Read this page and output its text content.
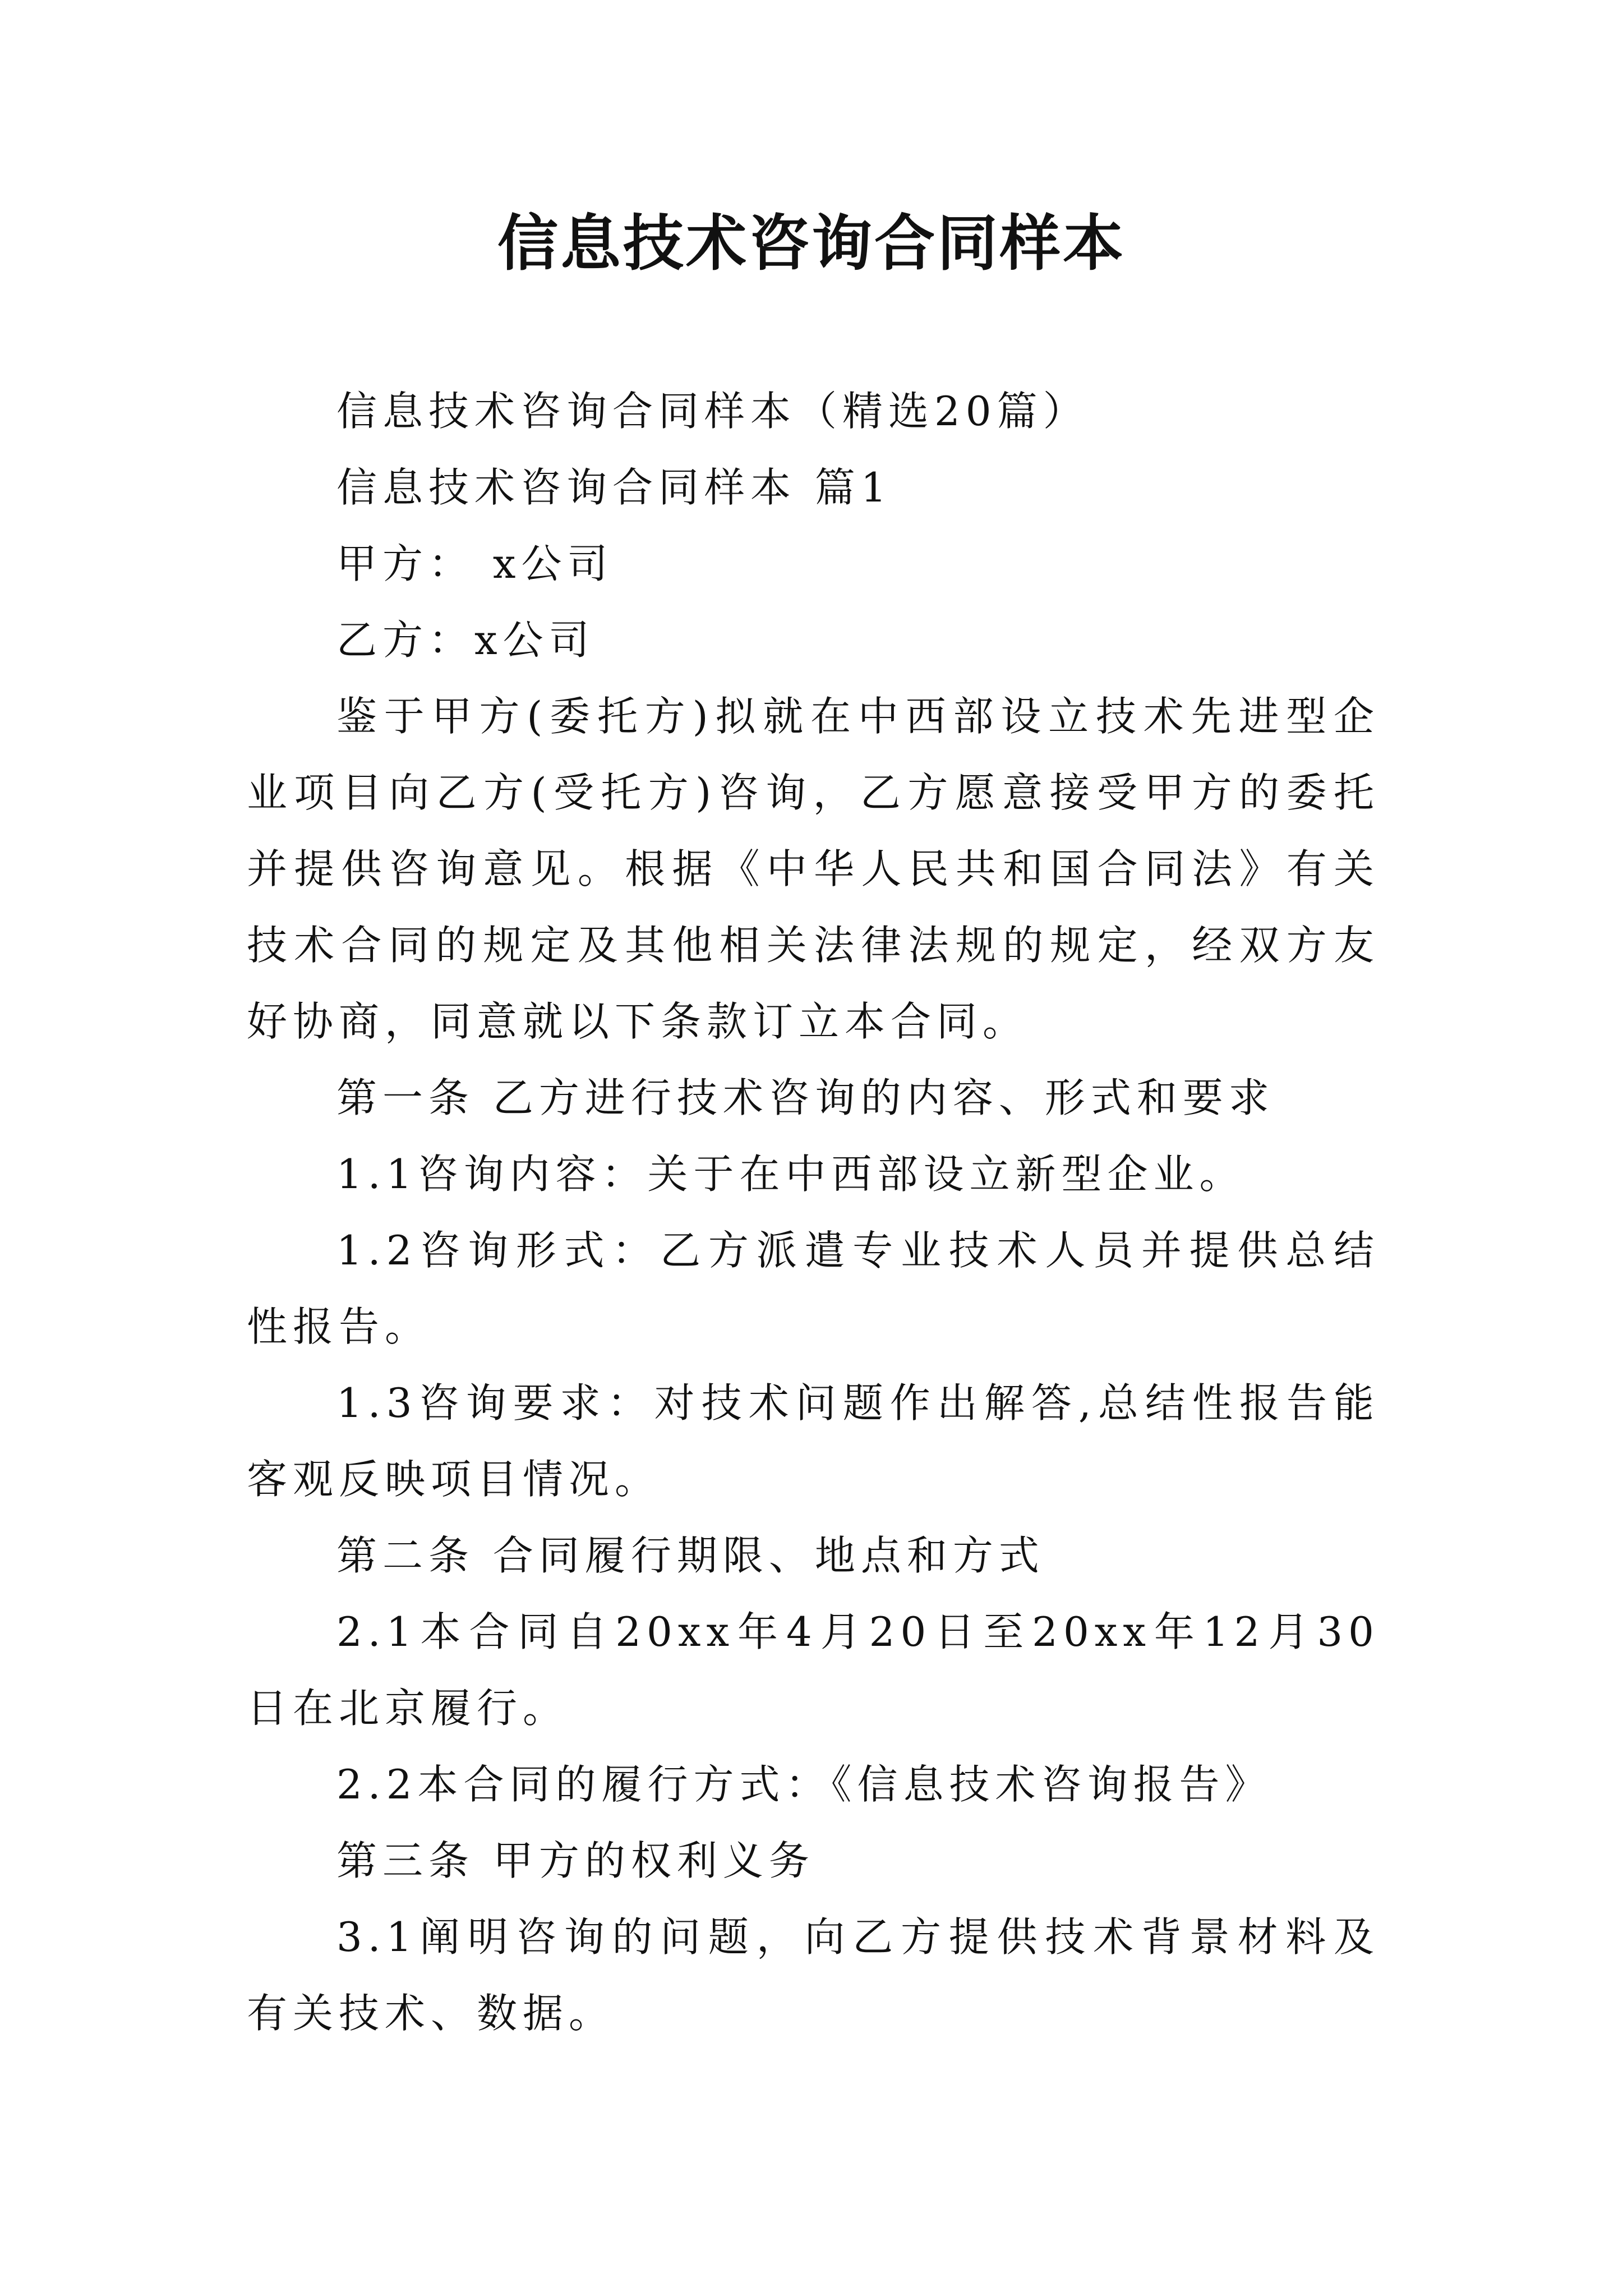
信息技术咨询合同样本

信息技术咨询合同样本（精选20篇）

信息技术咨询合同样本 篇1

甲方： x公司

乙方：x公司

鉴于甲方(委托方)拟就在中西部设立技术先进型企业项目向乙方(受托方)咨询，乙方愿意接受甲方的委托并提供咨询意见。根据《中华人民共和国合同法》有关技术合同的规定及其他相关法律法规的规定，经双方友好协商，同意就以下条款订立本合同。

第一条 乙方进行技术咨询的内容、形式和要求

1.1咨询内容：关于在中西部设立新型企业。

1.2咨询形式：乙方派遣专业技术人员并提供总结性报告。

1.3咨询要求：对技术问题作出解答,总结性报告能客观反映项目情况。

第二条 合同履行期限、地点和方式

2.1本合同自20xx年4月20日至20xx年12月30日在北京履行。

2.2本合同的履行方式：《信息技术咨询报告》

第三条 甲方的权利义务

3.1阐明咨询的问题，向乙方提供技术背景材料及有关技术、数据。
